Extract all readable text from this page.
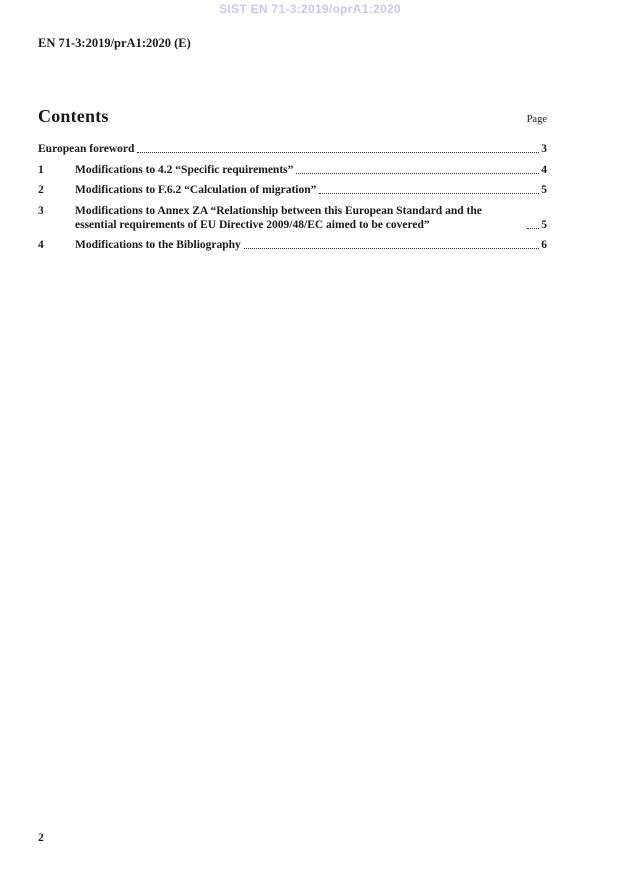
SIST EN 71-3:2019/oprA1:2020
EN 71-3:2019/prA1:2020 (E)
Contents	Page
European foreword	3
1	Modifications to 4.2 “Specific requirements”	4
2	Modifications to F.6.2 “Calculation of migration”	5
3	Modifications to Annex ZA “Relationship between this European Standard and the essential requirements of EU Directive 2009/48/EC aimed to be covered”	5
4	Modifications to the Bibliography	6
2
